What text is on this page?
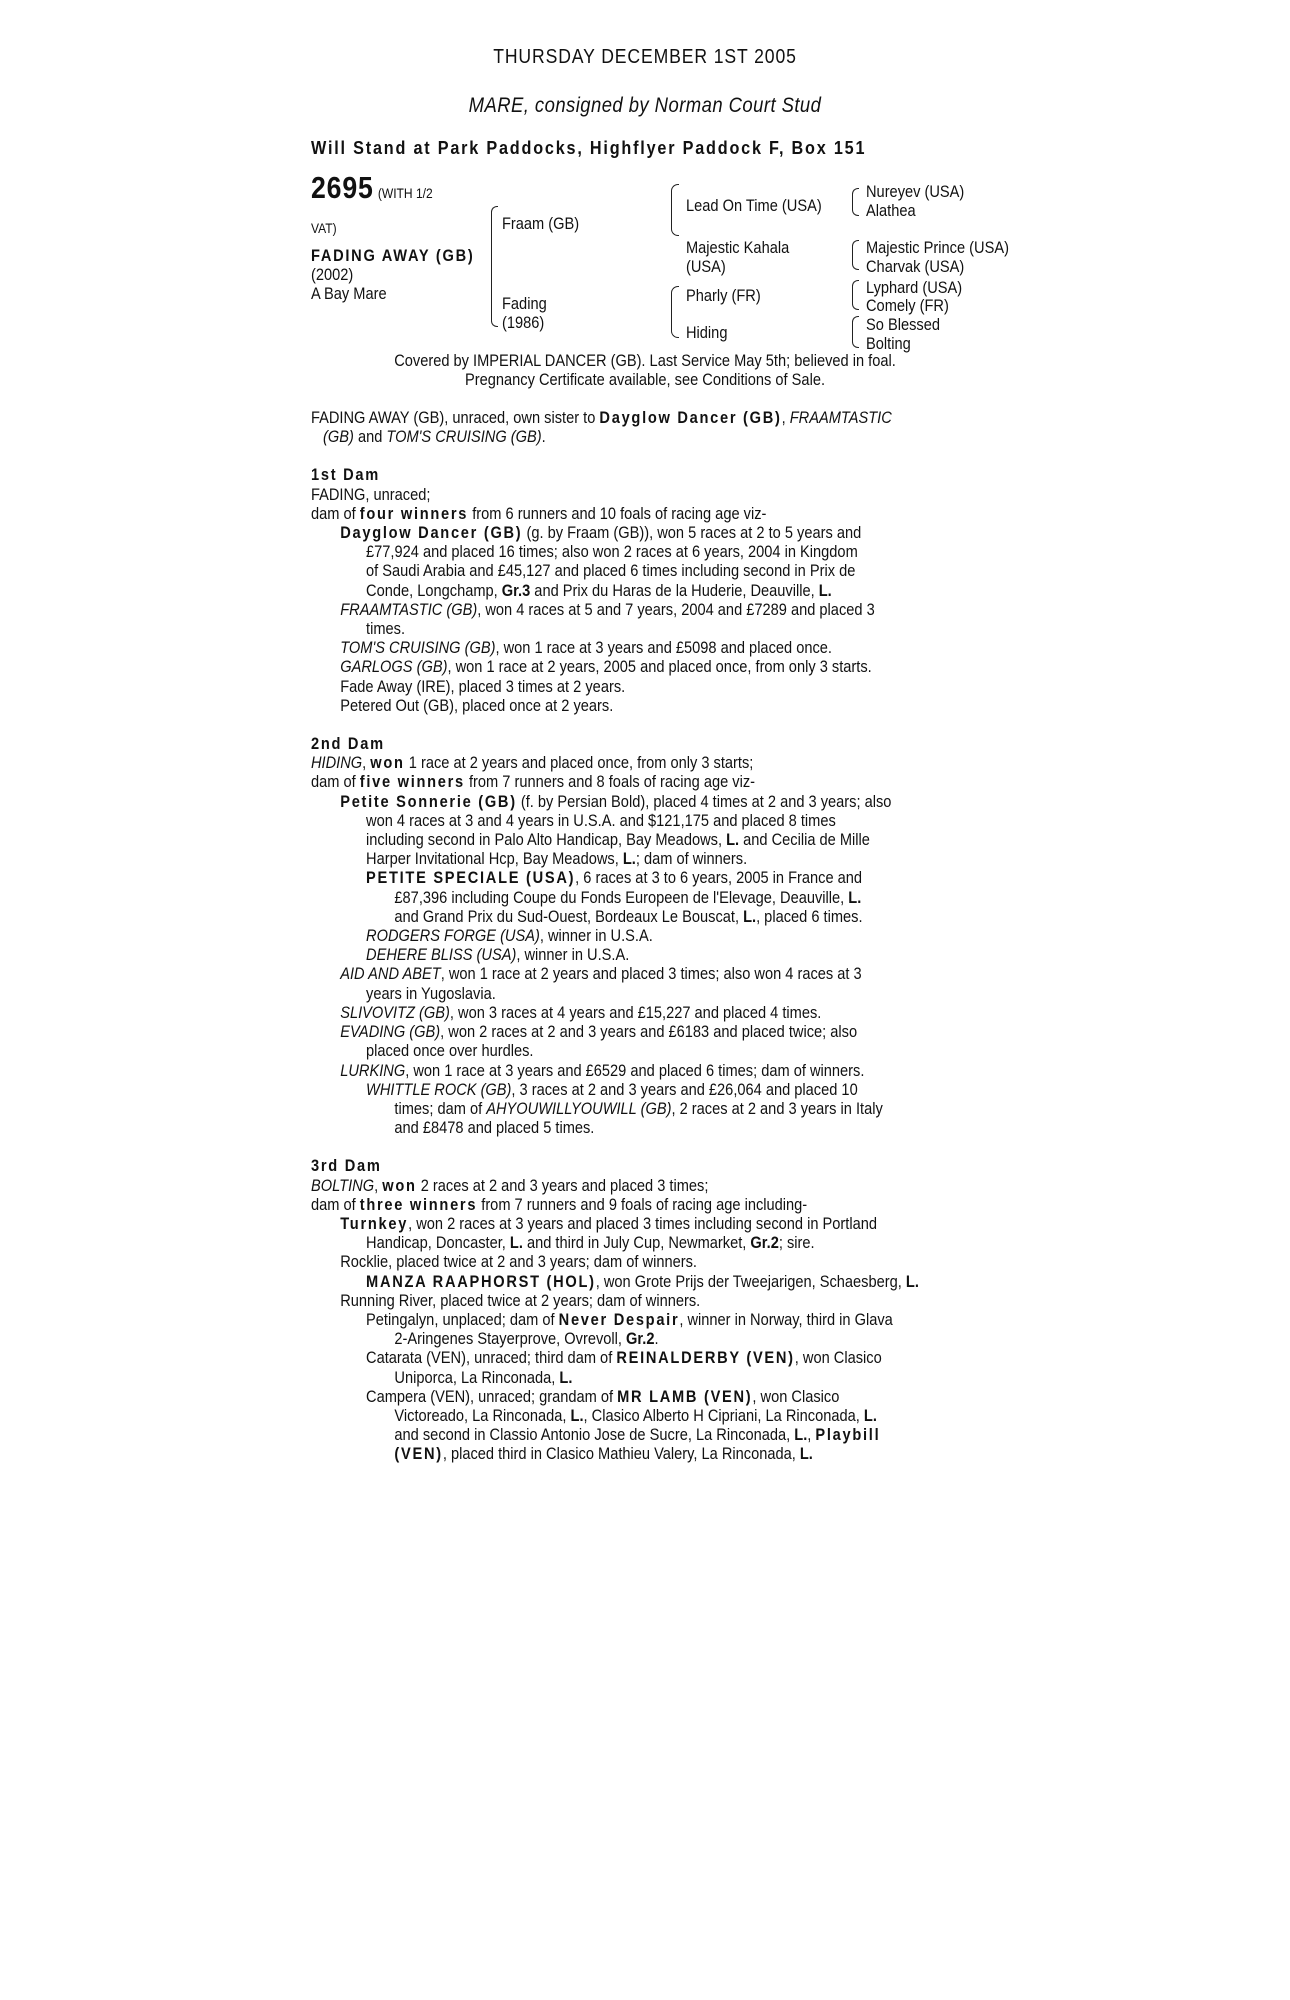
THURSDAY DECEMBER 1ST 2005
MARE, consigned by Norman Court Stud
Will Stand at Park Paddocks, Highflyer Paddock F, Box 151
2695 (WITH 1/2
VAT)
FADING AWAY (GB)
(2002)
A Bay Mare
Fraam (GB)
Fading
(1986)
Lead On Time (USA)
Majestic Kahala
(USA)
Pharly (FR)
Hiding
Nureyev (USA)
Alathea
Majestic Prince (USA)
Charvak (USA)
Lyphard (USA)
Comely (FR)
So Blessed
Bolting
Covered by IMPERIAL DANCER (GB). Last Service May 5th; believed in foal.
Pregnancy Certificate available, see Conditions of Sale.
FADING AWAY (GB), unraced, own sister to Dayglow Dancer (GB), FRAAMTASTIC
(GB) and TOM'S CRUISING (GB).
1st Dam
FADING, unraced;
dam of four winners from 6 runners and 10 foals of racing age viz-
Dayglow Dancer (GB) (g. by Fraam (GB)), won 5 races at 2 to 5 years and
£77,924 and placed 16 times; also won 2 races at 6 years, 2004 in Kingdom
of Saudi Arabia and £45,127 and placed 6 times including second in Prix de
Conde, Longchamp, Gr.3 and Prix du Haras de la Huderie, Deauville, L.
FRAAMTASTIC (GB), won 4 races at 5 and 7 years, 2004 and £7289 and placed 3
times.
TOM'S CRUISING (GB), won 1 race at 3 years and £5098 and placed once.
GARLOGS (GB), won 1 race at 2 years, 2005 and placed once, from only 3 starts.
Fade Away (IRE), placed 3 times at 2 years.
Petered Out (GB), placed once at 2 years.
2nd Dam
HIDING, won 1 race at 2 years and placed once, from only 3 starts;
dam of five winners from 7 runners and 8 foals of racing age viz-
Petite Sonnerie (GB) (f. by Persian Bold), placed 4 times at 2 and 3 years; also
won 4 races at 3 and 4 years in U.S.A. and $121,175 and placed 8 times
including second in Palo Alto Handicap, Bay Meadows, L. and Cecilia de Mille
Harper Invitational Hcp, Bay Meadows, L.; dam of winners.
PETITE SPECIALE (USA), 6 races at 3 to 6 years, 2005 in France and
£87,396 including Coupe du Fonds Europeen de l'Elevage, Deauville, L.
and Grand Prix du Sud-Ouest, Bordeaux Le Bouscat, L., placed 6 times.
RODGERS FORGE (USA), winner in U.S.A.
DEHERE BLISS (USA), winner in U.S.A.
AID AND ABET, won 1 race at 2 years and placed 3 times; also won 4 races at 3
years in Yugoslavia.
SLIVOVITZ (GB), won 3 races at 4 years and £15,227 and placed 4 times.
EVADING (GB), won 2 races at 2 and 3 years and £6183 and placed twice; also
placed once over hurdles.
LURKING, won 1 race at 3 years and £6529 and placed 6 times; dam of winners.
WHITTLE ROCK (GB), 3 races at 2 and 3 years and £26,064 and placed 10
times; dam of AHYOUWILLYOUWILL (GB), 2 races at 2 and 3 years in Italy
and £8478 and placed 5 times.
3rd Dam
BOLTING, won 2 races at 2 and 3 years and placed 3 times;
dam of three winners from 7 runners and 9 foals of racing age including-
Turnkey, won 2 races at 3 years and placed 3 times including second in Portland
Handicap, Doncaster, L. and third in July Cup, Newmarket, Gr.2; sire.
Rocklie, placed twice at 2 and 3 years; dam of winners.
MANZA RAAPHORST (HOL), won Grote Prijs der Tweejarigen, Schaesberg, L.
Running River, placed twice at 2 years; dam of winners.
Petingalyn, unplaced; dam of Never Despair, winner in Norway, third in Glava
2-Aringenes Stayerprove, Ovrevoll, Gr.2.
Catarata (VEN), unraced; third dam of REINALDERBY (VEN), won Clasico
Uniporca, La Rinconada, L.
Campera (VEN), unraced; grandam of MR LAMB (VEN), won Clasico
Victoreado, La Rinconada, L., Clasico Alberto H Cipriani, La Rinconada, L.
and second in Classio Antonio Jose de Sucre, La Rinconada, L., Playbill
(VEN), placed third in Clasico Mathieu Valery, La Rinconada, L.
